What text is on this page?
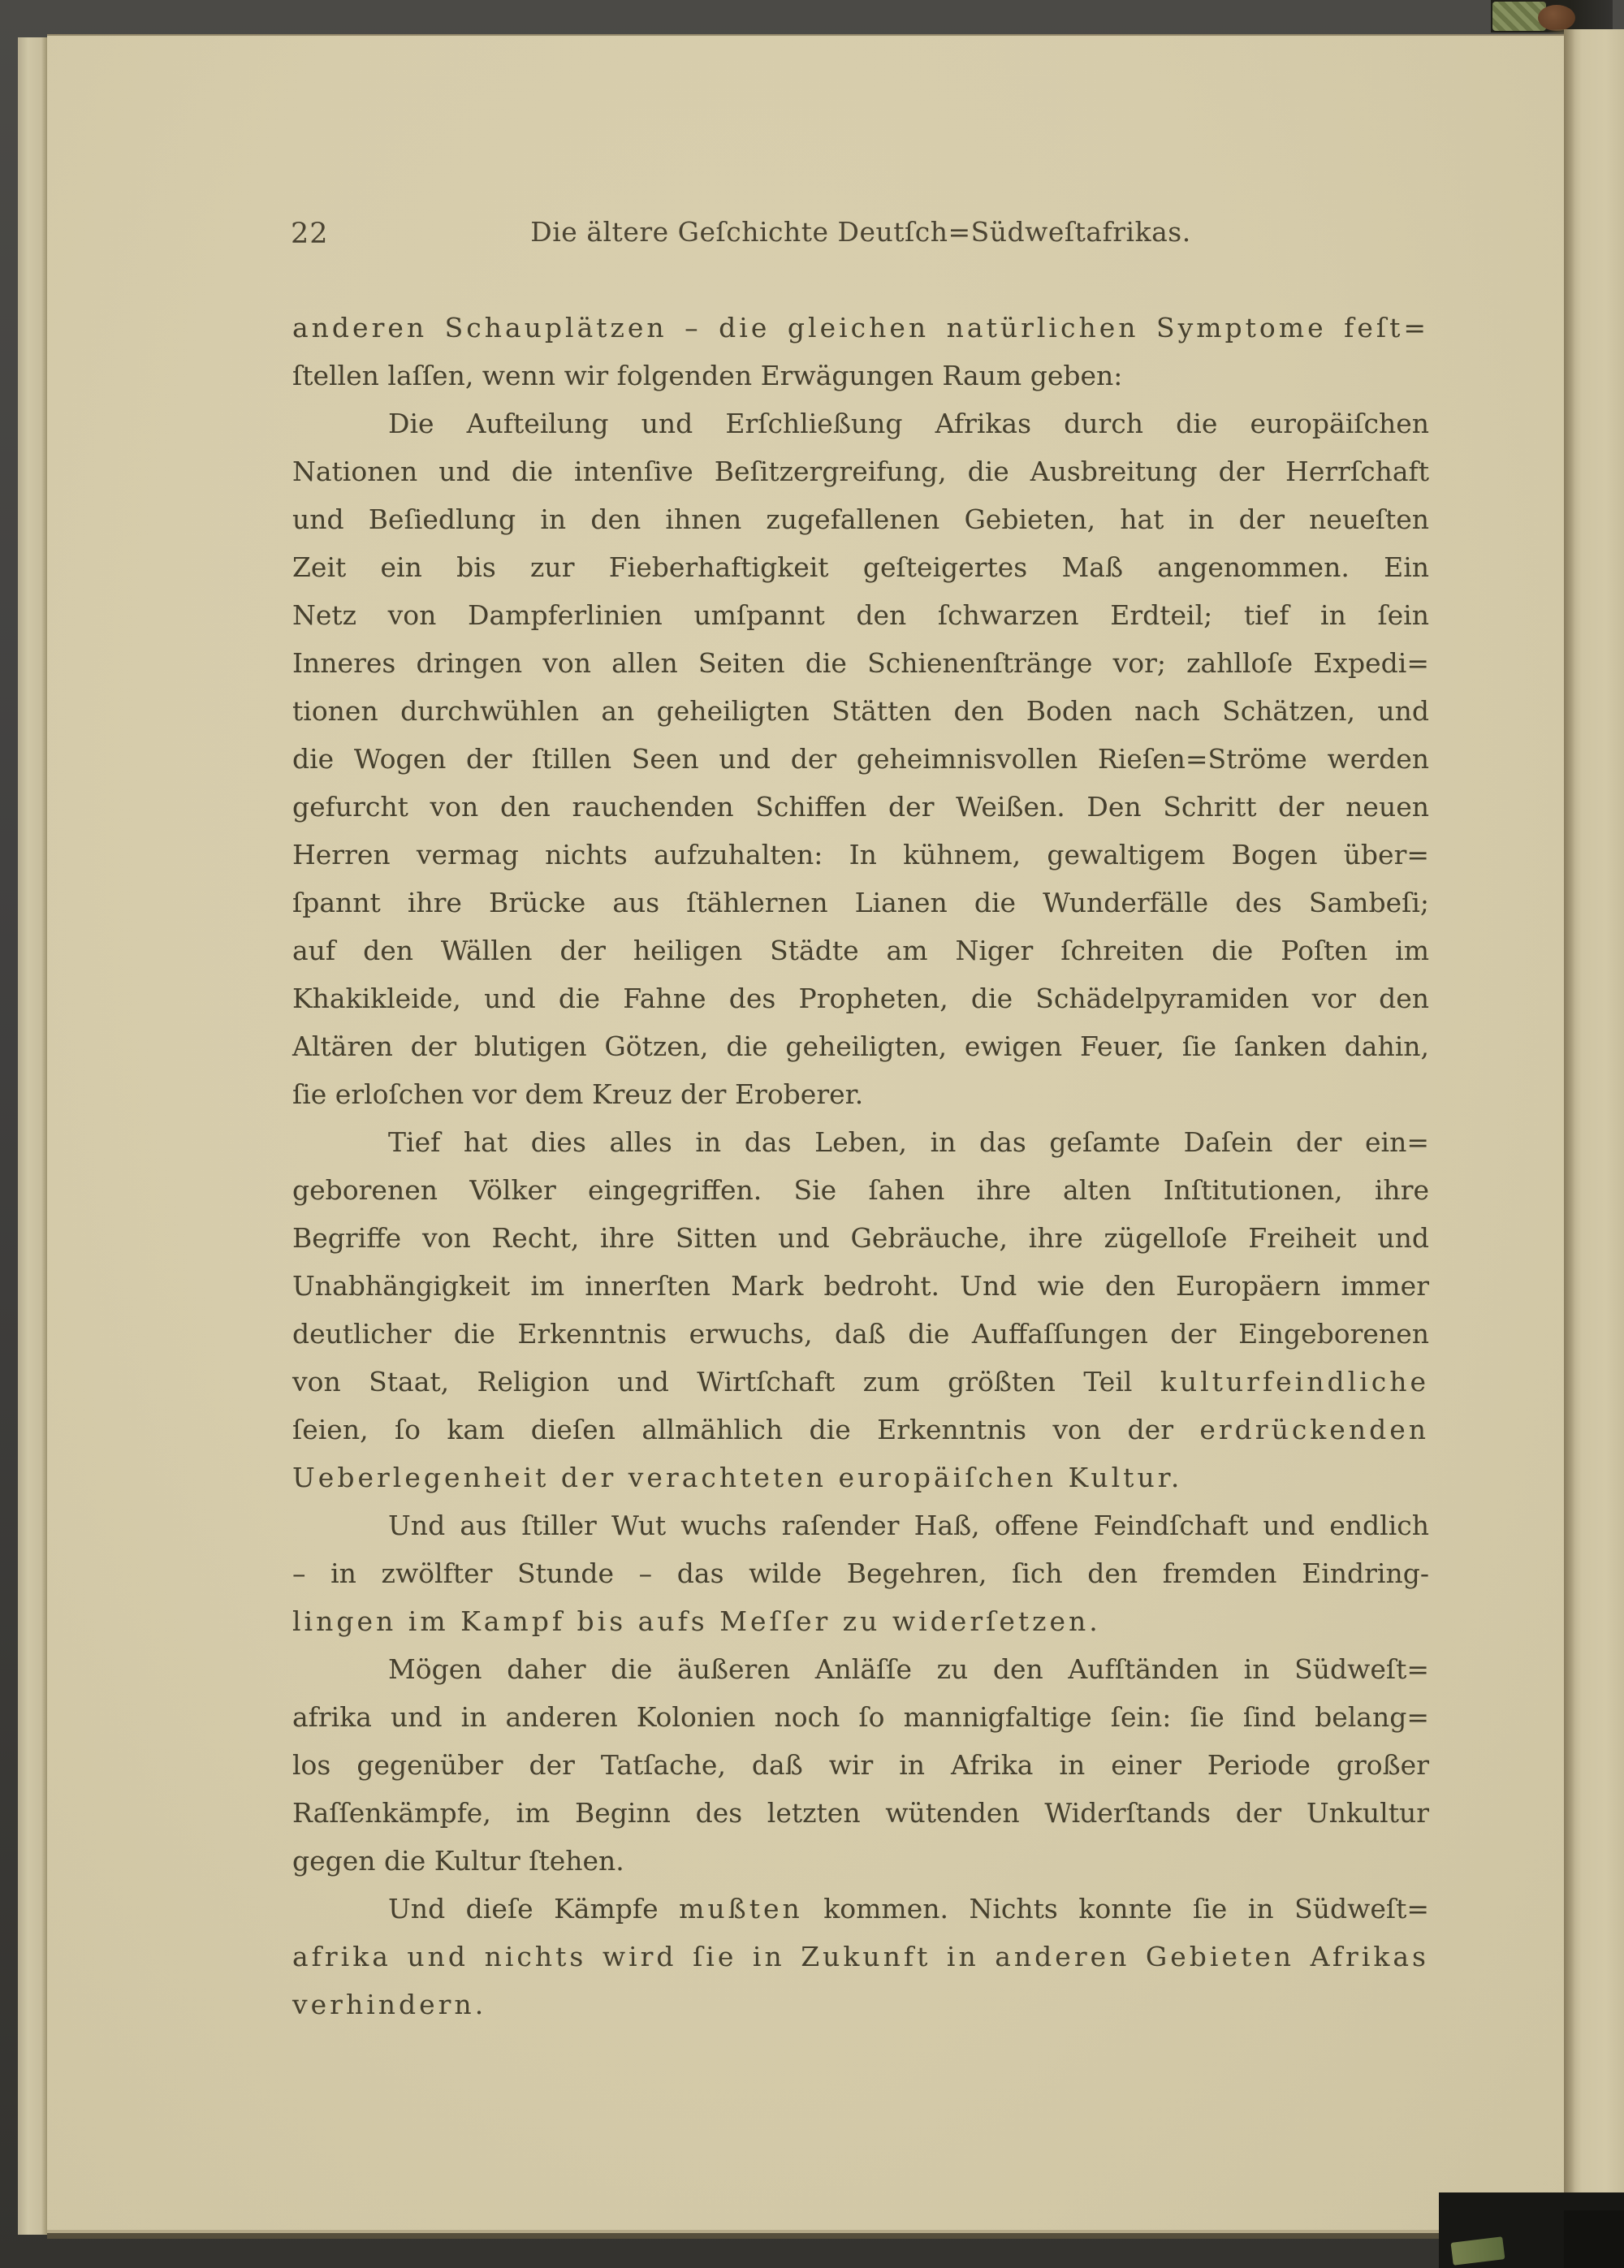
22	Die ältere Geſchichte Deutſch=Südweſtafrikas.
anderen Schauplätzen – die gleichen natürlichen Symptome feſt=
ſtellen laſſen, wenn wir folgenden Erwägungen Raum geben:
Die Aufteilung und Erſchließung Afrikas durch die europäiſchen
Nationen und die intenſive Beſitzergreifung, die Ausbreitung der Herrſchaft
und Beſiedlung in den ihnen zugefallenen Gebieten, hat in der neueſten
Zeit ein bis zur Fieberhaftigkeit geſteigertes Maß angenommen. Ein
Netz von Dampferlinien umſpannt den ſchwarzen Erdteil; tief in ſein
Inneres dringen von allen Seiten die Schienenſtränge vor; zahlloſe Expedi=
tionen durchwühlen an geheiligten Stätten den Boden nach Schätzen, und
die Wogen der ſtillen Seen und der geheimnisvollen Rieſen=Ströme werden
gefurcht von den rauchenden Schiffen der Weißen. Den Schritt der neuen
Herren vermag nichts aufzuhalten: In kühnem, gewaltigem Bogen über=
ſpannt ihre Brücke aus ſtählernen Lianen die Wunderfälle des Sambeſi;
auf den Wällen der heiligen Städte am Niger ſchreiten die Poſten im
Khakikleide, und die Fahne des Propheten, die Schädelpyramiden vor den
Altären der blutigen Götzen, die geheiligten, ewigen Feuer, ſie ſanken dahin,
ſie erloſchen vor dem Kreuz der Eroberer.
Tief hat dies alles in das Leben, in das geſamte Daſein der ein=
geborenen Völker eingegriffen. Sie ſahen ihre alten Inſtitutionen, ihre
Begriffe von Recht, ihre Sitten und Gebräuche, ihre zügelloſe Freiheit und
Unabhängigkeit im innerſten Mark bedroht. Und wie den Europäern immer
deutlicher die Erkenntnis erwuchs, daß die Auffaſſungen der Eingeborenen
von Staat, Religion und Wirtſchaft zum größten Teil kulturfeindliche
ſeien, ſo kam dieſen allmählich die Erkenntnis von der erdrückenden
Ueberlegenheit der verachteten europäiſchen Kultur.
Und aus ſtiller Wut wuchs raſender Haß, offene Feindſchaft und endlich
– in zwölfter Stunde – das wilde Begehren, ſich den fremden Eindring-
lingen im Kampf bis aufs Meſſer zu widerſetzen.
Mögen daher die äußeren Anläſſe zu den Aufſtänden in Südweſt=
afrika und in anderen Kolonien noch ſo mannigfaltige ſein: ſie ſind belang=
los gegenüber der Tatſache, daß wir in Afrika in einer Periode großer
Raſſenkämpfe, im Beginn des letzten wütenden Widerſtands der Unkultur
gegen die Kultur ſtehen.
Und dieſe Kämpfe mußten kommen. Nichts konnte ſie in Südweſt=
afrika und nichts wird ſie in Zukunft in anderen Gebieten Afrikas
verhindern.
